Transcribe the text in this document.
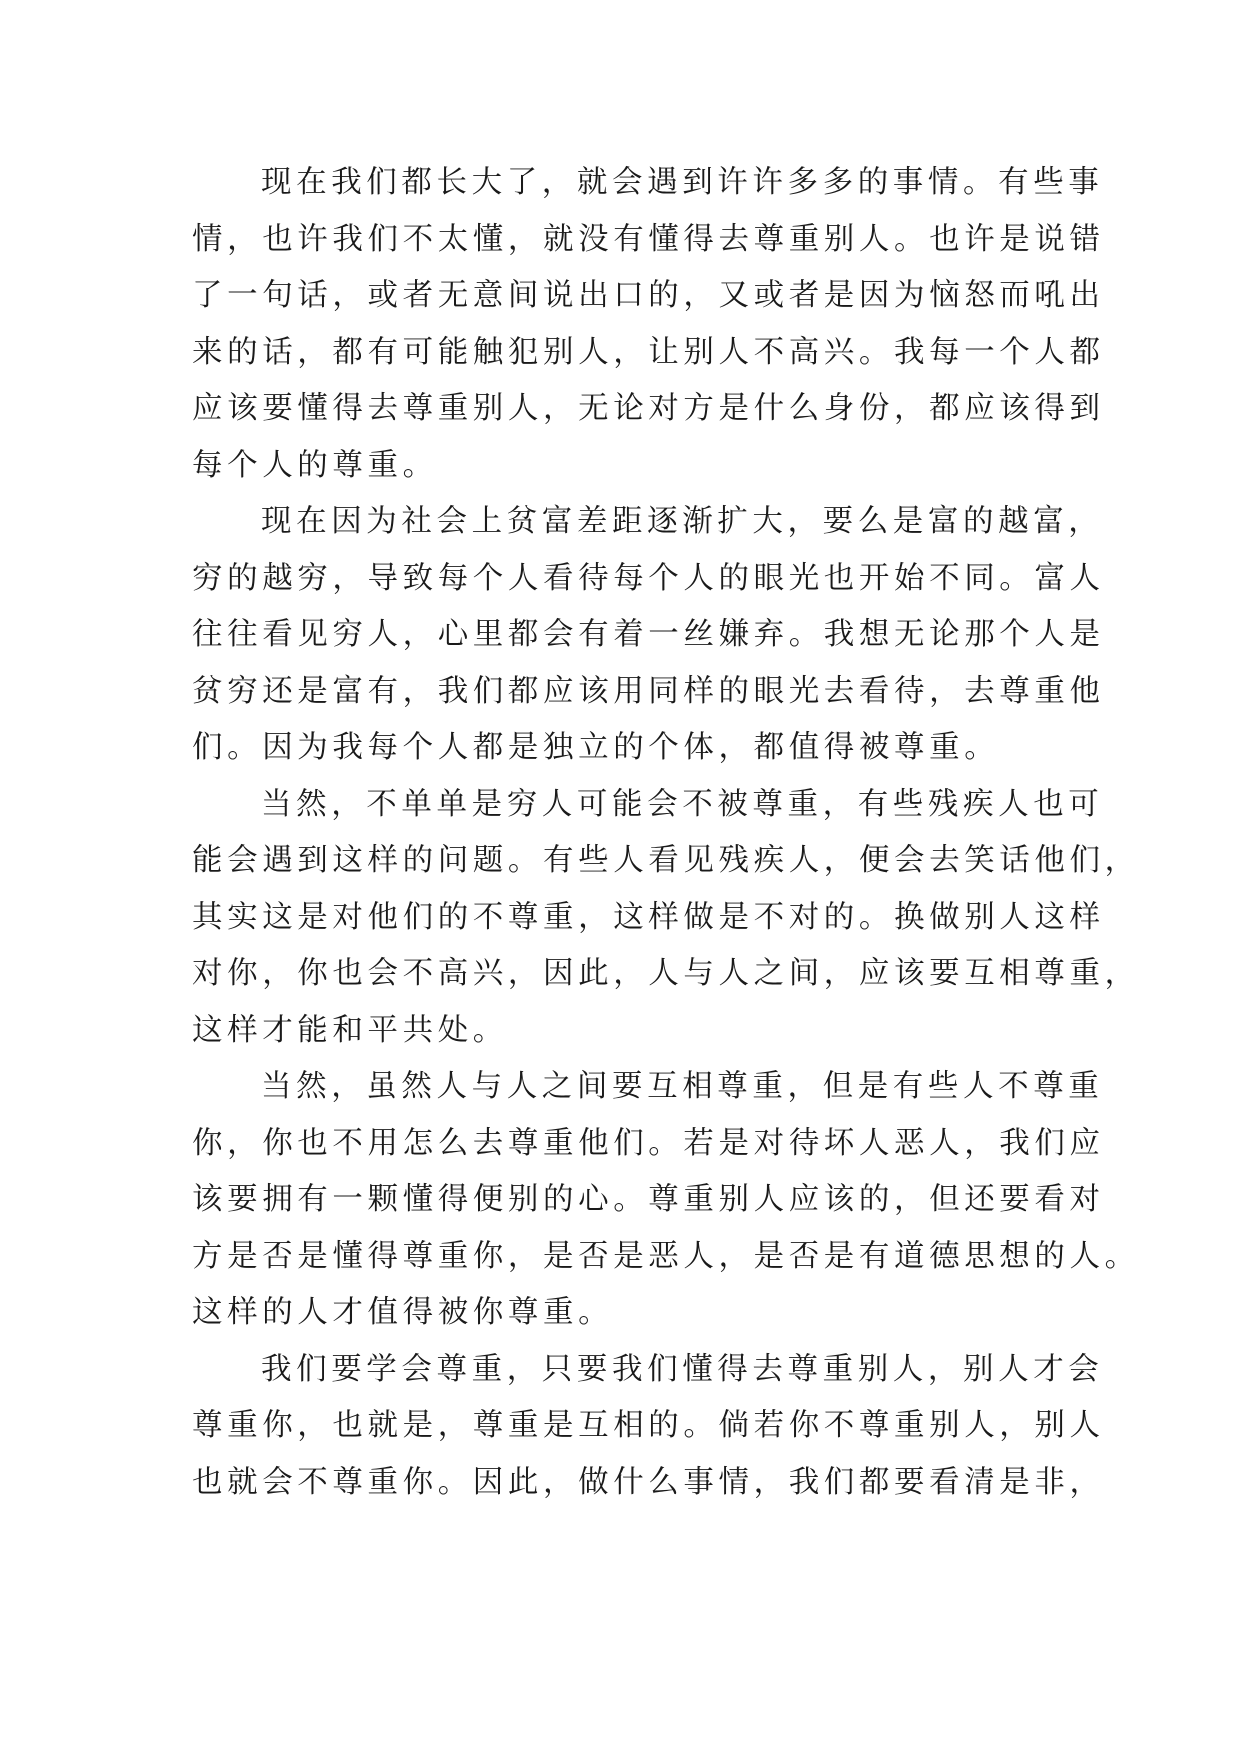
现在我们都长大了，就会遇到许许多多的事情。有些事
情，也许我们不太懂，就没有懂得去尊重别人。也许是说错
了一句话，或者无意间说出口的，又或者是因为恼怒而吼出
来的话，都有可能触犯别人，让别人不高兴。我每一个人都
应该要懂得去尊重别人，无论对方是什么身份，都应该得到
每个人的尊重。

现在因为社会上贫富差距逐渐扩大，要么是富的越富，
穷的越穷，导致每个人看待每个人的眼光也开始不同。富人
往往看见穷人，心里都会有着一丝嫌弃。我想无论那个人是
贫穷还是富有，我们都应该用同样的眼光去看待，去尊重他
们。因为我每个人都是独立的个体，都值得被尊重。

当然，不单单是穷人可能会不被尊重，有些残疾人也可
能会遇到这样的问题。有些人看见残疾人，便会去笑话他们，
其实这是对他们的不尊重，这样做是不对的。换做别人这样
对你，你也会不高兴，因此，人与人之间，应该要互相尊重，
这样才能和平共处。

当然，虽然人与人之间要互相尊重，但是有些人不尊重
你，你也不用怎么去尊重他们。若是对待坏人恶人，我们应
该要拥有一颗懂得便别的心。尊重别人应该的，但还要看对
方是否是懂得尊重你，是否是恶人，是否是有道德思想的人。
这样的人才值得被你尊重。

我们要学会尊重，只要我们懂得去尊重别人，别人才会
尊重你，也就是，尊重是互相的。倘若你不尊重别人，别人
也就会不尊重你。因此，做什么事情，我们都要看清是非，
